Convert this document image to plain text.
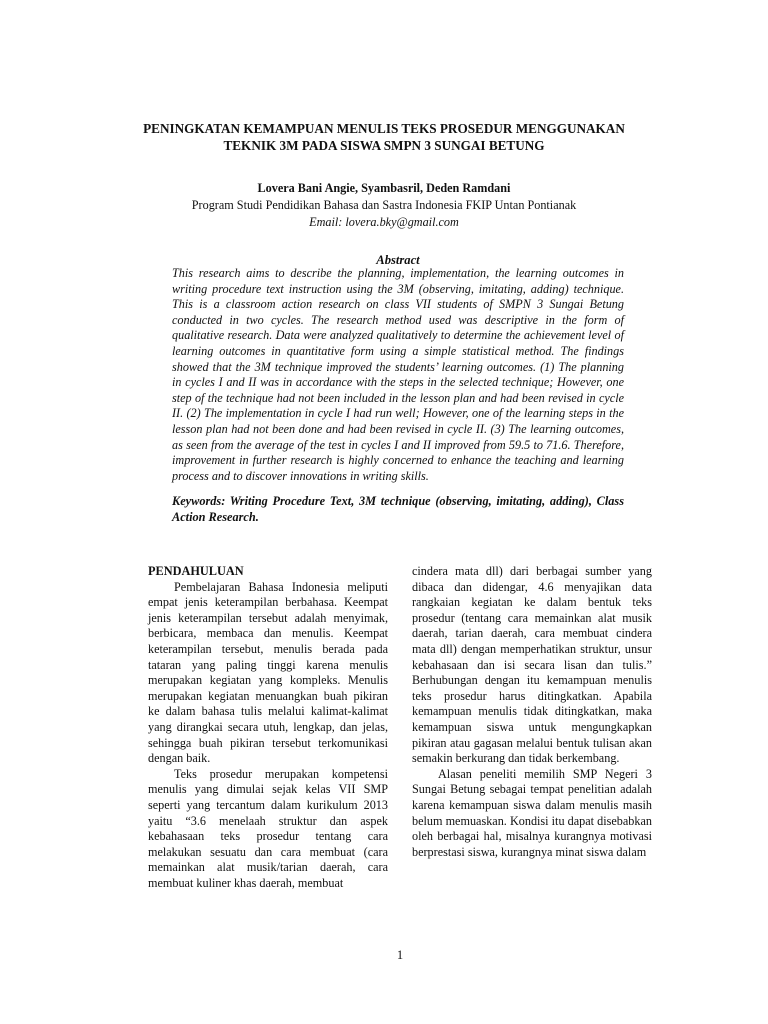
PENINGKATAN KEMAMPUAN MENULIS TEKS PROSEDUR MENGGUNAKAN
TEKNIK 3M PADA SISWA SMPN 3 SUNGAI BETUNG
Lovera Bani Angie, Syambasril, Deden Ramdani
Program Studi Pendidikan Bahasa dan Sastra Indonesia FKIP Untan Pontianak
Email: lovera.bky@gmail.com
Abstract

This research aims to describe the planning, implementation, the learning outcomes in writing procedure text instruction using the 3M (observing, imitating, adding) technique. This is a classroom action research on class VII students of SMPN 3 Sungai Betung conducted in two cycles. The research method used was descriptive in the form of qualitative research. Data were analyzed qualitatively to determine the achievement level of learning outcomes in quantitative form using a simple statistical method. The findings showed that the 3M technique improved the students’ learning outcomes. (1) The planning in cycles I and II was in accordance with the steps in the selected technique; However, one step of the technique had not been included in the lesson plan and had been revised in cycle II. (2) The implementation in cycle I had run well; However, one of the learning steps in the lesson plan had not been done and had been revised in cycle II. (3) The learning outcomes, as seen from the average of the test in cycles I and II improved from 59.5 to 71.6. Therefore, improvement in further research is highly concerned to enhance the teaching and learning process and to discover innovations in writing skills.

Keywords: Writing Procedure Text, 3M technique (observing, imitating, adding), Class Action Research.

PENDAHULUAN

Pembelajaran Bahasa Indonesia meliputi empat jenis keterampilan berbahasa. Keempat jenis keterampilan tersebut adalah menyimak, berbicara, membaca dan menulis. Keempat keterampilan tersebut, menulis berada pada tataran yang paling tinggi karena menulis merupakan kegiatan yang kompleks. Menulis merupakan kegiatan menuangkan buah pikiran ke dalam bahasa tulis melalui kalimat-kalimat yang dirangkai secara utuh, lengkap, dan jelas, sehingga buah pikiran tersebut terkomunikasi dengan baik.

Teks prosedur merupakan kompetensi menulis yang dimulai sejak kelas VII SMP seperti yang tercantum dalam kurikulum 2013 yaitu “3.6 menelaah struktur dan aspek kebahasaan teks prosedur tentang cara melakukan sesuatu dan cara membuat (cara memainkan alat musik/tarian daerah, cara membuat kuliner khas daerah, membuat

cindera mata dll) dari berbagai sumber yang dibaca dan didengar, 4.6 menyajikan data rangkaian kegiatan ke dalam bentuk teks prosedur (tentang cara memainkan alat musik daerah, tarian daerah, cara membuat cindera mata dll) dengan memperhatikan struktur, unsur kebahasaan dan isi secara lisan dan tulis.” Berhubungan dengan itu kemampuan menulis teks prosedur harus ditingkatkan. Apabila kemampuan menulis tidak ditingkatkan, maka kemampuan siswa untuk mengungkapkan pikiran atau gagasan melalui bentuk tulisan akan semakin berkurang dan tidak berkembang.

Alasan peneliti memilih SMP Negeri 3 Sungai Betung sebagai tempat penelitian adalah karena kemampuan siswa dalam menulis masih belum memuaskan. Kondisi itu dapat disebabkan oleh berbagai hal, misalnya kurangnya motivasi berprestasi siswa, kurangnya minat siswa dalam

1
